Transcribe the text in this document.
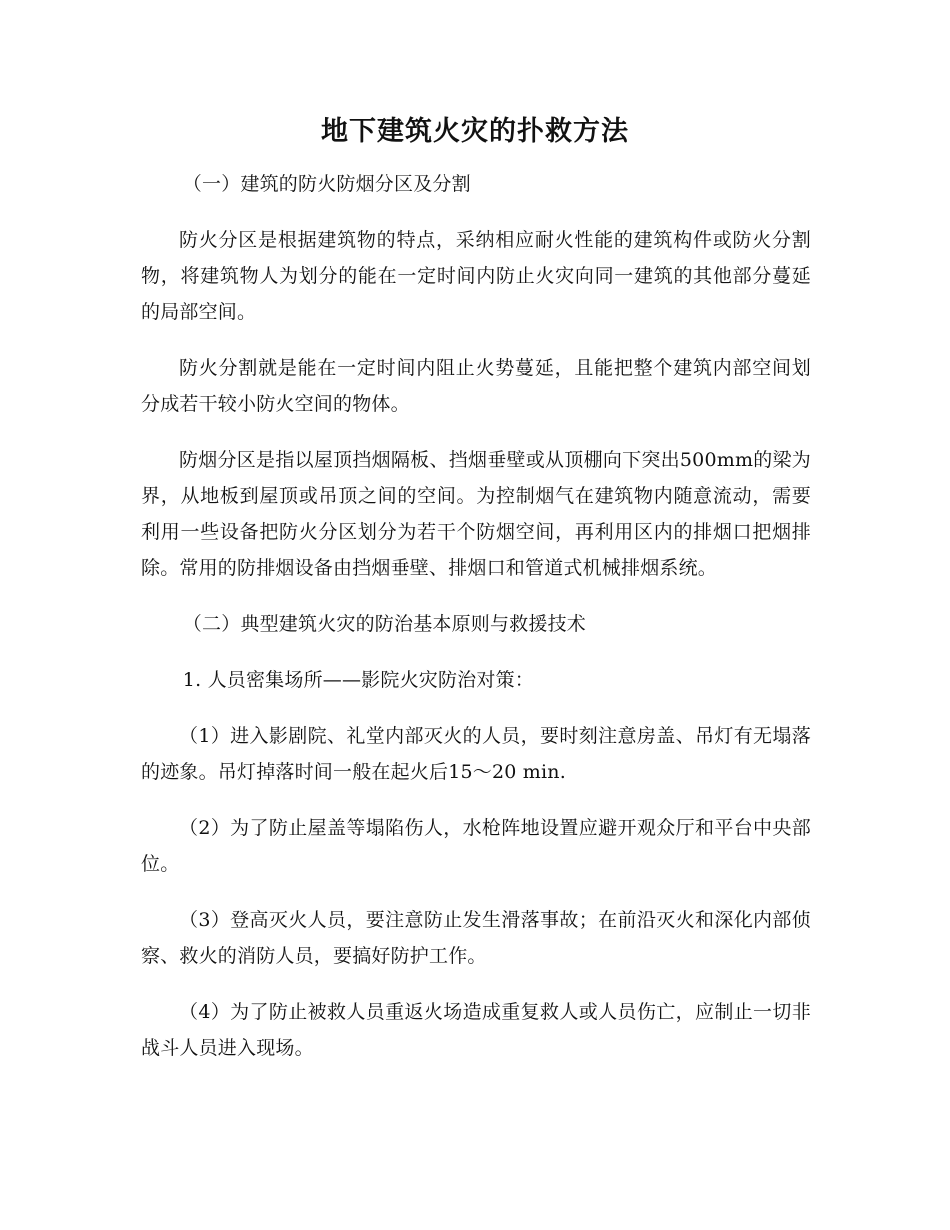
地下建筑火灾的扑救方法

（一）建筑的防火防烟分区及分割

防火分区是根据建筑物的特点，采纳相应耐火性能的建筑构件或防火分割物，将建筑物人为划分的能在一定时间内防止火灾向同一建筑的其他部分蔓延的局部空间。

防火分割就是能在一定时间内阻止火势蔓延，且能把整个建筑内部空间划分成若干较小防火空间的物体。

防烟分区是指以屋顶挡烟隔板、挡烟垂壁或从顶棚向下突出500mm的梁为界，从地板到屋顶或吊顶之间的空间。为控制烟气在建筑物内随意流动，需要利用一些设备把防火分区划分为若干个防烟空间，再利用区内的排烟口把烟排除。常用的防排烟设备由挡烟垂壁、排烟口和管道式机械排烟系统。

（二）典型建筑火灾的防治基本原则与救援技术

1. 人员密集场所——影院火灾防治对策：

（1）进入影剧院、礼堂内部灭火的人员，要时刻注意房盖、吊灯有无塌落的迹象。吊灯掉落时间一般在起火后15～20 min.

（2）为了防止屋盖等塌陷伤人，水枪阵地设置应避开观众厅和平台中央部位。

（3）登高灭火人员，要注意防止发生滑落事故；在前沿灭火和深化内部侦察、救火的消防人员，要搞好防护工作。

（4）为了防止被救人员重返火场造成重复救人或人员伤亡，应制止一切非战斗人员进入现场。
